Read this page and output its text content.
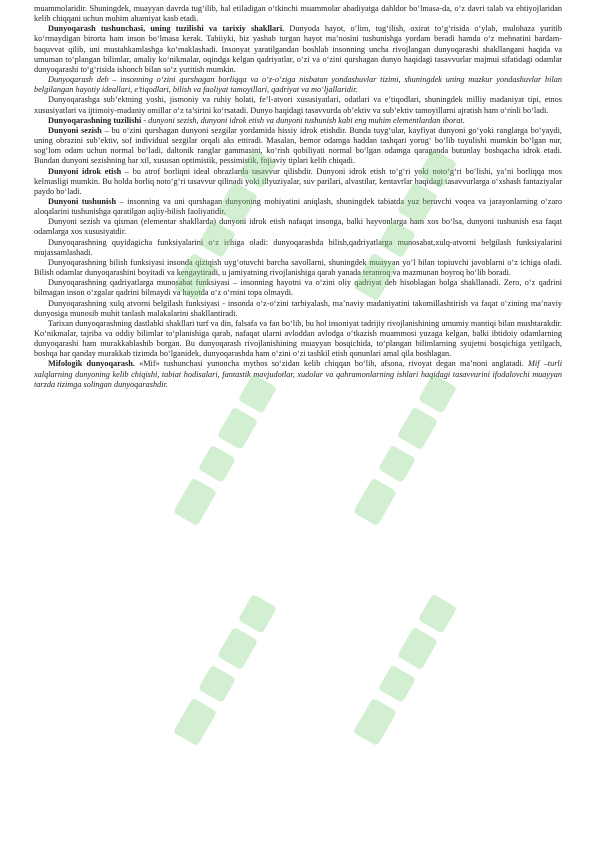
muammolaridir. Shuningdek, muayyan davrda tug‘ilib, hal etiladigan o‘tkinchi muammolar abadiyatga dahldor bo‘lmasa-da, o‘z davri talab va ehtiyojlaridan kelib chiqqani uchun muhim ahamiyat kasb etadi.

Dunyoqarash tushunchasi, uning tuzilishi va tarixiy shakllari. Dunyoda hayot, o‘lim, tug‘ilish, oxirat to‘g‘risida o‘ylab, mulohaza yuritib ko‘rmaydigan birorta ham inson bo‘lmasa kerak. Tabiiyki, biz yashab turgan hayot ma’nosini tushunishga yordam beradi hamda o‘z mehnatini bardam-baquvvat qilib, uni mustahkamlashga ko‘maklashadi. Insonyat yaratilgandan boshlab insonning uncha rivojlangan dunyoqarashi shakllangani haqida va umuman to‘plangan bilimlar, amaliy ko‘nikmalar, oqindga kelgan qadriyatlar, o‘zi va o‘zini qurshagan dunyo haqidagi tasavvurlar majmui sifatidagi odamlar dunyoqarashi to‘g‘risida ishonch bilan so‘z yuritish mumkin.

Dunyoqarash deb – insonning o‘zini qurshagan borliqqa va o‘z-o‘ziga nisbatan yondashuvlar tizimi, shuningdek uning mazkur yondashuvlar bilan belgilangan hayotiy ideallari, e’tiqodlari, bilish va faoliyat tamoyillari, qadriyat va mo‘ljallaridir.

Dunyoqarashga sub’ektning yoshi, jismoniy va ruhiy holati, fe’l-atvori xususiyatlari, odatlari va e’tiqodlari, shuningdek milliy madaniyat tipi, etnos xususiyatlari va ijtimoiy-madaniy omillar o‘z ta’sirini ko‘rsatadi. Dunyo haqidagi tasavvurda ob’ektiv va sub’ektiv tamoyillarni ajratish ham o‘rinli bo‘ladi.

Dunyoqarashning tuzilishi - dunyoni sezish, dunyoni idrok etish va dunyoni tushunish kabi eng muhim elementlardan iborat.

Dunyoni sezish – bu o‘zini qurshagan dunyoni sezgilar yordamida hissiy idrok etishdir. Bunda tuyg‘ular, kayfiyat dunyoni go‘yoki ranglarga bo‘yaydi, uning obrazini sub’ektiv, sof individual sezgilar orqali aks ettiradi. Masalan, bemor odamga haddan tashqari yorug‘ bo‘lib tuyulishi mumkin bo‘lgan nur, sog‘lom odam uchun normal bo‘ladi, daltonik ranglar gammasini, ko‘rish qobiliyati normal bo‘lgan odamga qaraganda butunlay boshqacha idrok etadi. Bundan dunyoni sezishning har xil, xususan optimistik, pessimistik, fojiaviy tiplari kelib chiqadi.

Dunyoni idrok etish – bu atrof borliqni ideal obrazlarda tasavvur qilishdir. Dunyoni idrok etish to‘g‘ri yoki noto‘g‘ri bo‘lishi, ya’ni borliqqa mos kelmasligi mumkin. Bu holda borliq noto‘g‘ri tasavvur qilinadi yoki illyuziyalar, suv parilari, alvastilar, kentavrlar haqidagi tasavvurlarga o‘xshash fantaziyalar paydo bo‘ladi.

Dunyoni tushunish – insonning va uni qurshagan dunyoning mohiyatini aniqlash, shuningdek tabiatda yuz beruvchi voqea va jarayonlarning o‘zaro aloqalarini tushunishga qaratilgan aqliy-bilish faoliyatidir.

Dunyoni sezish va qisman (elementar shakllarda) dunyoni idrok etish nafaqat insonga, balki hayvonlarga ham xos bo‘lsa, dunyoni tushunish esa faqat odamlarga xos xususiyatdir.

Dunyoqarashning quyidagicha funksiyalarini o‘z ichiga oladi: dunyoqarashda bilish,qadriyatlarga munosabat,xulq-atvorni belgilash funksiyalarini mujassamlashadi.

Dunyoqarashning bilish funksiyasi insonda qiziqish uyg‘otuvchi barcha savollarni, shuningdek muayyan yo‘l bilan topiuvchi javoblarni o‘z ichiga oladi. Bilish odamlar dunyoqarashini boyitadi va kengaytiradi, u jamiyatning rivojlanishiga qarab yanada teranroq va mazmunan boyroq bo‘lib boradi.

Dunyoqarashning qadriyatlarga munosabat funksiyasi – insonning hayotni va o‘zini oliy qadriyat deb hisoblagan holga shakllanadi. Zero, o‘z qadrini bilmagan inson o‘zgalar qadrini bilmaydi va hayotda o‘z o‘rnini topa olmaydi.

Dunyoqarashning xulq atvorni belgilash funksiyasi - insonda o‘z-o‘zini tarbiyalash, ma’naviy madaniyatini takomillashtirish va faqat o‘zining ma’naviy dunyosiga munosib muhit tanlash malakalarini shakllantiradi.

Tarixan dunyoqarashning dastlabki shakllari turf va din, falsafa va fan bo‘lib, bu hol insoniyat tadrijiy rivojlanishining umumiy mantiqi bilan mushtarakdir. Ko‘nikmalar, tajriba va oddiy bilimlar to‘planishiga qarab, nafaqat ularni avloddan avlodga o‘tkazish muammosi yuzaga kelgan, balki ibtidoiy odamlarning dunyoqarashi ham murakkablashib borgan. Bu dunyoqarash rivojlanishining muayyan bosqichida, to‘plangan bilimlarning syujetni bosqichiga yetilgach, boshqa har qanday murakkab tizimda bo‘lganidek, dunyoqarashda ham o‘zini o‘zi tashkil etish qonunlari amal qila boshlagan.

Mifologik dunyoqarash. «Mif» tushunchasi yunoncha mythos so‘zidan kelib chiqqan bo‘lib, afsona, rivoyat degan ma’noni anglatadi. Mif –turli xalqlarning dunyoning kelib chiqishi, tabiat hodisalari, fantastik mavjudotlar, xudolar va qahramonlarning ishlari haqidagi tasavvurini ifodalovchi muayyan tarzda tizimga solingan dunyoqarashdir.
